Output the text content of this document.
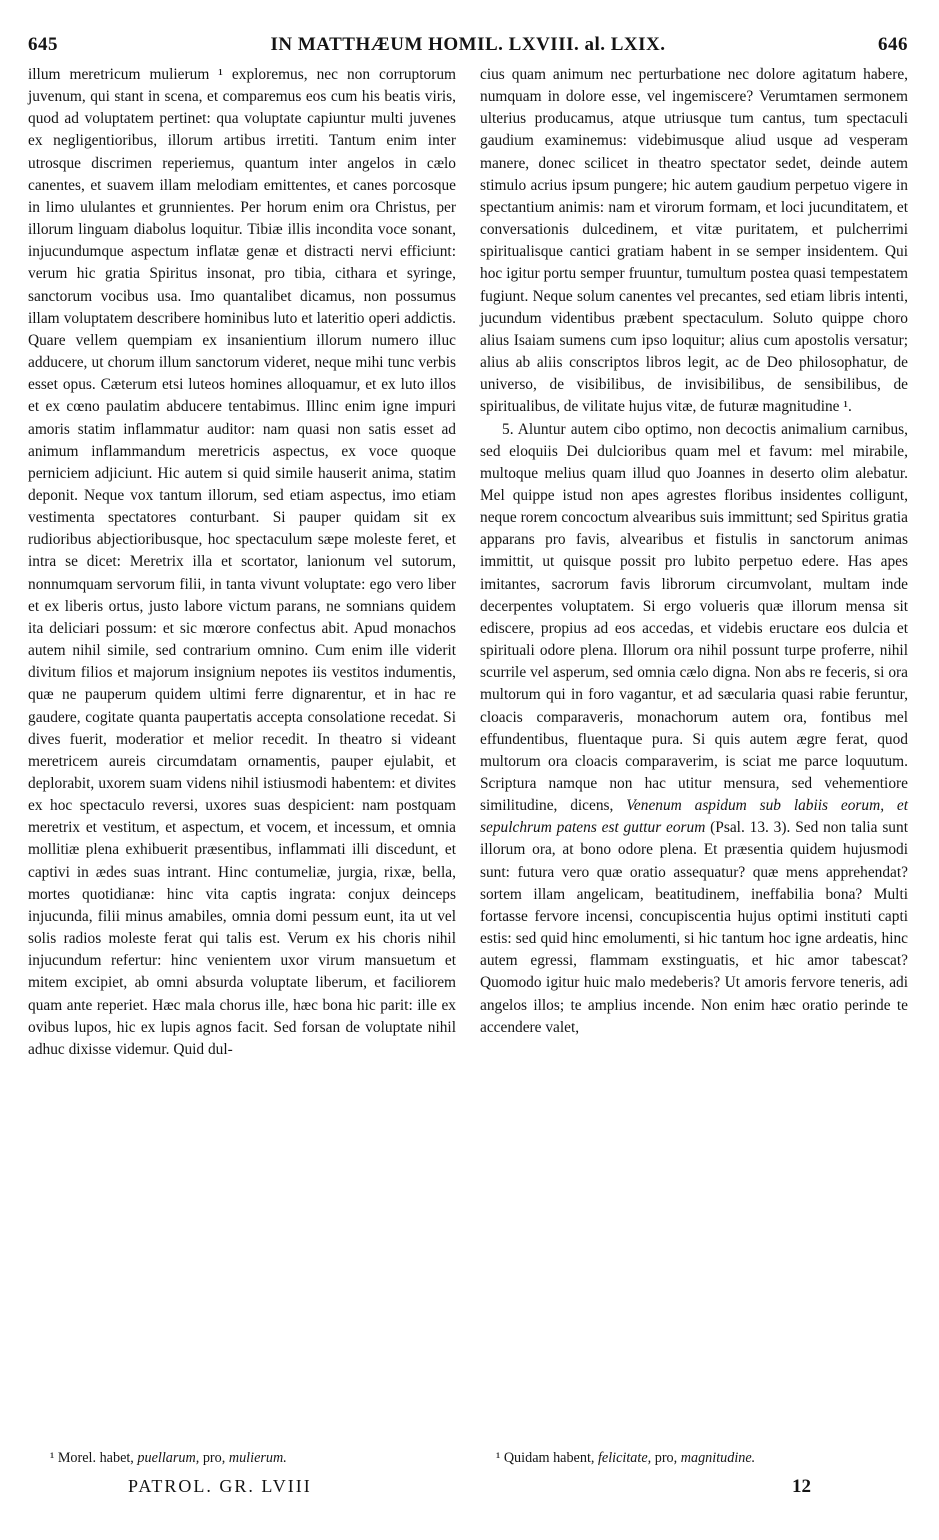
645	IN MATTHÆUM HOMIL. LXVIII. al. LXIX.	646

illum meretricum mulierum ¹ exploremus, nec non corruptorum juvenum, qui stant in scena, et comparemus eos cum his beatis viris, quod ad voluptatem pertinet: qua voluptate capiuntur multi juvenes ex negligentioribus, illorum artibus irretiti. Tantum enim inter utrosque discrimen reperiemus, quantum inter angelos in cælo canentes, et suavem illam melodiam emittentes, et canes porcosque in limo ululantes et grunnientes. Per horum enim ora Christus, per illorum linguam diabolus loquitur. Tibiæ illis incondita voce sonant, injucundumque aspectum inflatæ genæ et distracti nervi efficiunt: verum hic gratia Spiritus insonat, pro tibia, cithara et syringe, sanctorum vocibus usa. Imo quantalibet dicamus, non possumus illam voluptatem describere hominibus luto et lateritio operi addictis. Quare vellem quempiam ex insanientium illorum numero illuc adducere, ut chorum illum sanctorum videret, neque mihi tunc verbis esset opus. Cæterum etsi luteos homines alloquamur, et ex luto illos et ex cœno paulatim abducere tentabimus. Illinc enim igne impuri amoris statim inflammatur auditor: nam quasi non satis esset ad animum inflammandum meretricis aspectus, ex voce quoque perniciem adjiciunt. Hic autem si quid simile hauserit anima, statim deponit. Neque vox tantum illorum, sed etiam aspectus, imo etiam vestimenta spectatores conturbant. Si pauper quidam sit ex rudioribus abjectioribusque, hoc spectaculum sæpe moleste feret, et intra se dicet: Meretrix illa et scortator, lanionum vel sutorum, nonnumquam servorum filii, in tanta vivunt voluptate: ego vero liber et ex liberis ortus, justo labore victum parans, ne somnians quidem ita deliciari possum: et sic mœrore confectus abit. Apud monachos autem nihil simile, sed contrarium omnino. Cum enim ille viderit divitum filios et majorum insignium nepotes iis vestitos indumentis, quæ ne pauperum quidem ultimi ferre dignarentur, et in hac re gaudere, cogitate quanta paupertatis accepta consolatione recedat. Si dives fuerit, moderatior et melior recedit. In theatro si videant meretricem aureis circumdatam ornamentis, pauper ejulabit, et deplorabit, uxorem suam videns nihil istiusmodi habentem: et divites ex hoc spectaculo reversi, uxores suas despicient: nam postquam meretrix et vestitum, et aspectum, et vocem, et incessum, et omnia mollitiæ plena exhibuerit præsentibus, inflammati illi discedunt, et captivi in ædes suas intrant. Hinc contumeliæ, jurgia, rixæ, bella, mortes quotidianæ: hinc vita captis ingrata: conjux deinceps injucunda, filii minus amabiles, omnia domi pessum eunt, ita ut vel solis radios moleste ferat qui talis est. Verum ex his choris nihil injucundum refertur: hinc venientem uxor virum mansuetum et mitem excipiet, ab omni absurda voluptate liberum, et faciliorem quam ante reperiet. Hæc mala chorus ille, hæc bona hic parit: ille ex ovibus lupos, hic ex lupis agnos facit. Sed forsan de voluptate nihil adhuc dixisse videmur. Quid dul-

cius quam animum nec perturbatione nec dolore agitatum habere, numquam in dolore esse, vel ingemiscere? Verumtamen sermonem ulterius producamus, atque utriusque tum cantus, tum spectaculi gaudium examinemus: videbimusque aliud usque ad vesperam manere, donec scilicet in theatro spectator sedet, deinde autem stimulo acrius ipsum pungere; hic autem gaudium perpetuo vigere in spectantium animis: nam et virorum formam, et loci jucunditatem, et conversationis dulcedinem, et vitæ puritatem, et pulcherrimi spiritualisque cantici gratiam habent in se semper insidentem. Qui hoc igitur portu semper fruuntur, tumultum postea quasi tempestatem fugiunt. Neque solum canentes vel precantes, sed etiam libris intenti, jucundum videntibus præbent spectaculum. Soluto quippe choro alius Isaiam sumens cum ipso loquitur; alius cum apostolis versatur; alius ab aliis conscriptos libros legit, ac de Deo philosophatur, de universo, de visibilibus, de invisibilibus, de sensibilibus, de spiritualibus, de vilitate hujus vitæ, de futuræ magnitudine ¹.

5. Aluntur autem cibo optimo, non decoctis animalium carnibus, sed eloquiis Dei dulcioribus quam mel et favum: mel mirabile, multoque melius quam illud quo Joannes in deserto olim alebatur. Mel quippe istud non apes agrestes floribus insidentes colligunt, neque rorem concoctum alvearibus suis immittunt; sed Spiritus gratia apparans pro favis, alvearibus et fistulis in sanctorum animas immittit, ut quisque possit pro lubito perpetuo edere. Has apes imitantes, sacrorum favis librorum circumvolant, multam inde decerpentes voluptatem. Si ergo volueris quæ illorum mensa sit ediscere, propius ad eos accedas, et videbis eructare eos dulcia et spirituali odore plena. Illorum ora nihil possunt turpe proferre, nihil scurrile vel asperum, sed omnia cælo digna. Non abs re feceris, si ora multorum qui in foro vagantur, et ad sæcularia quasi rabie feruntur, cloacis comparaveris, monachorum autem ora, fontibus mel effundentibus, fluentaque pura. Si quis autem ægre ferat, quod multorum ora cloacis comparaverim, is sciat me parce loquutum. Scriptura namque non hac utitur mensura, sed vehementiore similitudine, dicens, Venenum aspidum sub labiis eorum, et sepulchrum patens est guttur eorum (Psal. 13. 3). Sed non talia sunt illorum ora, at bono odore plena. Et præsentia quidem hujusmodi sunt: futura vero quæ oratio assequatur? quæ mens apprehendat? sortem illam angelicam, beatitudinem, ineffabilia bona? Multi fortasse fervore incensi, concupiscentia hujus optimi instituti capti estis: sed quid hinc emolumenti, si hic tantum hoc igne ardeatis, hinc autem egressi, flammam exstinguatis, et hic amor tabescat? Quomodo igitur huic malo medeberis? Ut amoris fervore teneris, adi angelos illos; te amplius incende. Non enim hæc oratio perinde te accendere valet,

¹ Morel. habet, puellarum, pro, mulierum.	¹ Quidam habent, felicitate, pro, magnitudine.
PATROL. GR. LVIII	12
